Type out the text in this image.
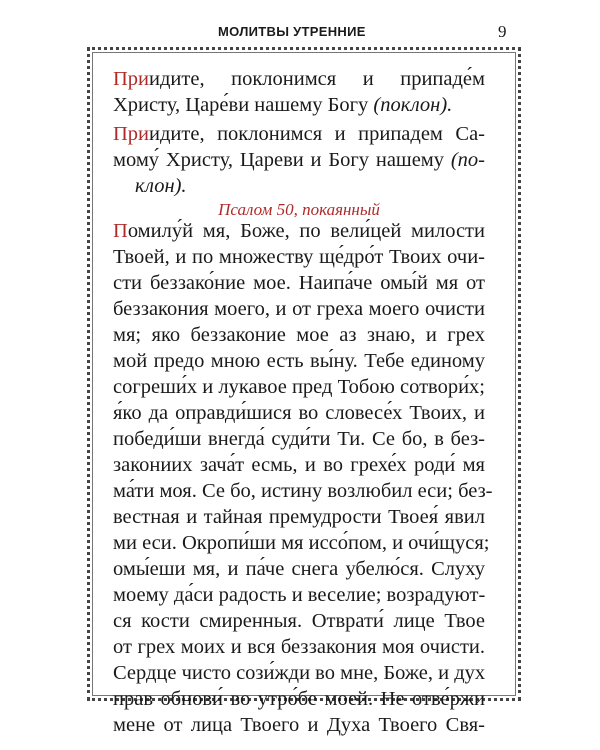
МОЛИТВЫ УТРЕННИЕ	9
Приидите, поклонимся и припаде́м
Христу, Царе́ви нашему Богу (поклон).
Приидите, поклонимся и припадем Са-
мому́ Христу, Цареви и Богу нашему (по-
клон).
Псалом 50, покаянный
Помилу́й мя, Боже, по вели́цей милости
Твоей, и по множеству ще́дро́т Твоих очи-
сти беззако́ние мое. Наипа́че омы́й мя от
беззакония моего, и от греха моего очисти
мя; яко беззаконие мое аз знаю, и грех
мой предо мною есть вы́ну. Тебе единому
согреши́х и лукавое пред Тобою сотвори́х;
я́ко да оправди́шися во словесе́х Твоих, и
победи́ши внегда́ суди́ти Ти. Се бо, в без-
закониих зача́т есмь, и во грехе́х роди́ мя
ма́ти моя. Се бо, истину возлюбил еси; без-
вестная и тайная премудрости Твоея́ явил
ми еси. Окропи́ши мя иссо́пом, и очи́щуся;
омы́еши мя, и па́че снега убелю́ся. Слуху
моему да́си радость и веселие; возрадуют-
ся кости смиренныя. Отврати́ лице Твое
от грех моих и вся беззакония моя очисти.
Сердце чисто сози́жди во мне, Боже, и дух
прав обнови́ во утро́бе моей. Не отве́ржи
мене от лица Твоего и Духа Твоего Свя-
